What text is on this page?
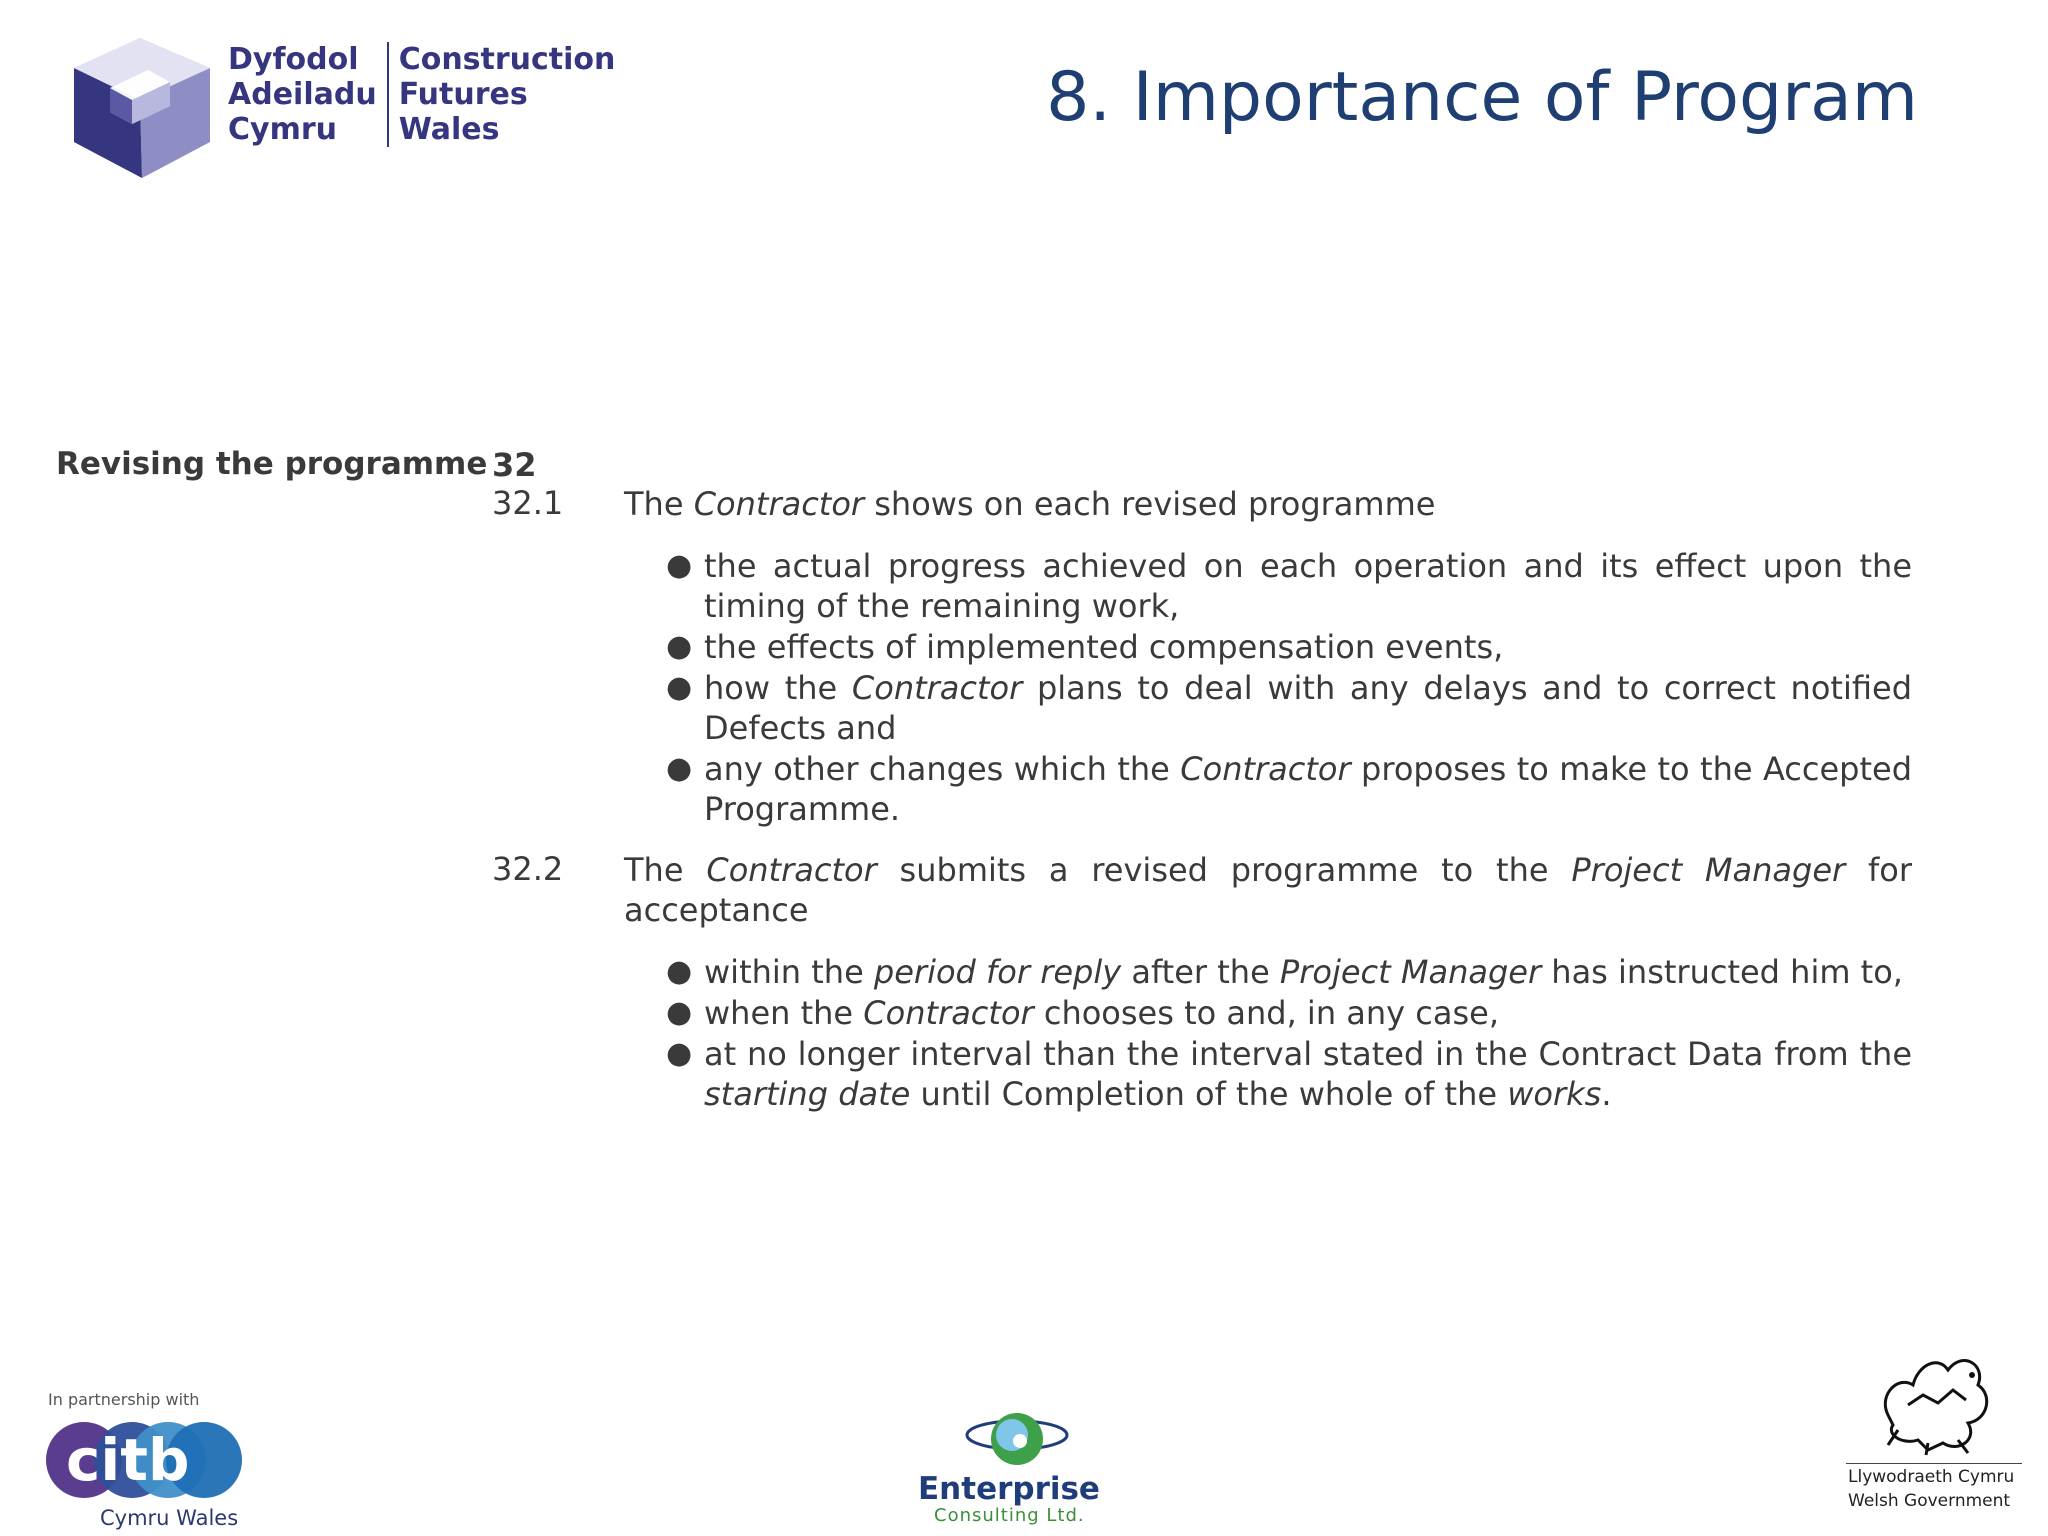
Dyfodol
Adeiladu
Cymru
Construction
Futures
Wales	8. Importance of Program
Revising the programme 32
32.1 The Contractor shows on each revised programme
● the actual progress achieved on each operation and its effect upon the timing of the remaining work,
● the effects of implemented compensation events,
● how the Contractor plans to deal with any delays and to correct notified Defects and
● any other changes which the Contractor proposes to make to the Accepted Programme.
32.2 The Contractor submits a revised programme to the Project Manager for acceptance
● within the period for reply after the Project Manager has instructed him to,
● when the Contractor chooses to and, in any case,
● at no longer interval than the interval stated in the Contract Data from the starting date until Completion of the whole of the works.
In partnership with
citb
Cymru Wales
Enterprise
Consulting Ltd.
Llywodraeth Cymru
Welsh Government
